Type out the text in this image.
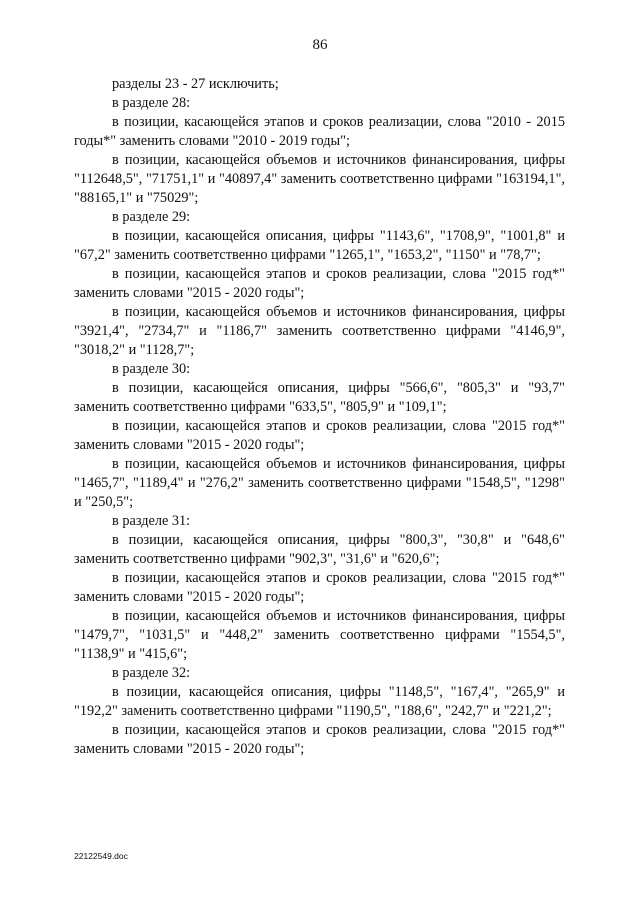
86

разделы 23 - 27 исключить;

в разделе 28:

в позиции, касающейся этапов и сроков реализации, слова "2010 - 2015 годы*" заменить словами "2010 - 2019 годы";

в позиции, касающейся объемов и источников финансирования, цифры "112648,5", "71751,1" и "40897,4" заменить соответственно цифрами "163194,1", "88165,1" и "75029";

в разделе 29:

в позиции, касающейся описания, цифры "1143,6", "1708,9", "1001,8" и "67,2" заменить соответственно цифрами "1265,1", "1653,2", "1150" и "78,7";

в позиции, касающейся этапов и сроков реализации, слова "2015 год*" заменить словами "2015 - 2020 годы";

в позиции, касающейся объемов и источников финансирования, цифры "3921,4", "2734,7" и "1186,7" заменить соответственно цифрами "4146,9", "3018,2" и "1128,7";

в разделе 30:

в позиции, касающейся описания, цифры "566,6", "805,3" и "93,7" заменить соответственно цифрами "633,5", "805,9" и "109,1";

в позиции, касающейся этапов и сроков реализации, слова "2015 год*" заменить словами "2015 - 2020 годы";

в позиции, касающейся объемов и источников финансирования, цифры "1465,7", "1189,4" и "276,2" заменить соответственно цифрами "1548,5", "1298" и "250,5";

в разделе 31:

в позиции, касающейся описания, цифры "800,3", "30,8" и "648,6" заменить соответственно цифрами "902,3", "31,6" и "620,6";

в позиции, касающейся этапов и сроков реализации, слова "2015 год*" заменить словами "2015 - 2020 годы";

в позиции, касающейся объемов и источников финансирования, цифры "1479,7", "1031,5" и "448,2" заменить соответственно цифрами "1554,5", "1138,9" и "415,6";

в разделе 32:

в позиции, касающейся описания, цифры "1148,5", "167,4", "265,9" и "192,2" заменить соответственно цифрами "1190,5", "188,6", "242,7" и "221,2";

в позиции, касающейся этапов и сроков реализации, слова "2015 год*" заменить словами "2015 - 2020 годы";

22122549.doc
